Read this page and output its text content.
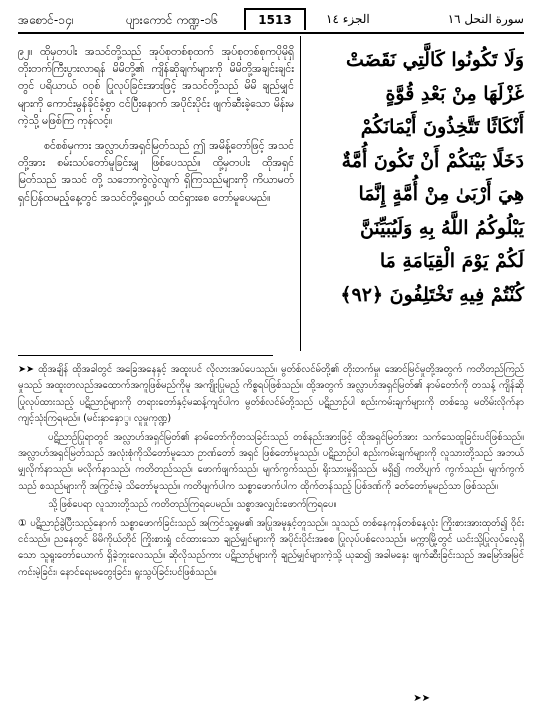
အစောင်-၁၄၊	ပျားကောင် ကဏ္ဍ-၁၆	1513	الجزء ١٤	سورة النحل ١٦

၉၂။ ထိုမှတပါး အသင်တို့သည် အုပ်စုတစ်စုထက် အုပ်စုတစ်စုကပိုမိုရှိတိုးတက်ကြီးပွားလာရန် မိမိတို့၏ ကျိန်ဆိုချက်များကို မိမိတို့အချင်းချင်းတွင် ပရိယာယ် ဝဝုစ် ပြုလုပ်ခြင်းအားဖြင့် အသင်တို့သည် မိမိ ချည်မျှင်များကို ကောင်းမွန်ခိုင်ခံ့စွာ ငင်ပြီးနောက် အပိုင်းပိုင်း ဖျက်ဆီးခဲ့သော မိန်းမကဲ့သို့ မဖြစ်ကြ ကုန်လင့်။

စင်စစ်မှကား အလ္လာဟ်အရှင်မြတ်သည် ဤ အမိန့်တော်ဖြင့် အသင်တို့အား စမ်းသပ်တော်မူခြင်းမျှ ဖြစ်ပေသည်။ ထို့မှတပါး ထိုအရှင်မြတ်သည် အသင် တို့ သဘောကွဲလွဲလျက် ရှိကြသည်များကို ကိယာမတ် ရှင်ပြန်ထမည့်နေ့တွင် အသင်တို့ရှေ့ဝယ် ထင်ရှားစေ တော်မူပေမည်။

وَلَا تَكُونُوا كَالَّتِي نَقَضَتْ
غَزْلَهَا مِنْ بَعْدِ قُوَّةٍ
أَنْكَاثًا تَتَّخِذُونَ أَيْمَانَكُمْ
دَخَلًا بَيْنَكُمْ أَنْ تَكُونَ أُمَّةٌ
هِيَ أَرْبَىٰ مِنْ أُمَّةٍ إِنَّمَا
يَبْلُوكُمُ اللَّهُ بِهِ وَلَيُبَيِّنَنَّ
لَكُمْ يَوْمَ الْقِيَامَةِ مَا
كُنْتُمْ فِيهِ تَخْتَلِفُونَ ﴿٩٢﴾

➤➤ ထိုအချိန် ထိုအခါတွင် အခြေအနေနှင့် အထူးပင် လိုလားအပ်ပေသည်။ မွတ်စ်လင်မ်တို့၏ တိုးတက်မှု၊ အောင်မြင်မှုတို့အတွက် ကတိတည်ကြည်မှုသည် အထူးတလည်အထောက်အကူဖြစ်မည်ကိုမူ အကျိုးပြုမည့် ကိစ္စရပ်ဖြစ်သည်။ ထို့အတွက် အလ္လာဟ်အရှင်မြတ်၏ နာမ်တော်ကို တသန့် ကျိန်ဆိုပြုလုပ်ထားသည့် ပဋိညာဉ်များကို တရားတော်နှင့်မဆန့်ကျင်ပါက မွတ်စ်လင်မ်တို့သည် ပဋိညာဉ်ပါ စည်းကမ်းချက်များကို တစ်သွေ မတိမ်းလိုက်နာ ကျင့်သုံးကြရမည်။ (မင်းနှာနှော္ဒ၊ လူမှုကုဏ္ဍ)

ပဋိညာဉ်ပြုရာတွင် အလ္လာဟ်အရှင်မြတ်၏ နာမ်တော်ကိုတသခြင်းသည် တစ်နည်းအားဖြင့် ထိုအရှင်မြတ်အား သက်သေထူခြင်းပင်ဖြစ်သည်။ အလ္လာဟ်အရှင်မြတ်သည် အလုံးစုံကိုသိတော်မူသော ဥာဏ်တော် အရှင် ဖြစ်တော်မူသည်၊ ပဋိညာဉ်ပါ စည်းကမ်းချက်များကို လူသားတို့သည် အဘယ်မျှလိုက်နာသည်၊ မလိုက်နာသည်၊ ကတိတည်သည်၊ ဖောက်ဖျက်သည်၊ မျက်ကွက်သည်၊ ရိုးသားမှုရှိသည်၊ မရှိ၍ ကတိပျက် ကွက်သည်၊ မျက်ကွက်သည် စသည်များကို အကြွင်းမဲ့ သိတော်မူသည်။ ကတိဖျက်ပါက သစ္စာဖောက်ပါက ထိုက်တန်သည့် ပြစ်ဒဏ်ကို ခတ်တော်မူမည်သာ ဖြစ်သည်။

သို့ဖြစ်ပေရာ လူသားတို့သည် ကတိတည်ကြရပေမည်။ သစ္စာအလျှင်းဖောက်ကြရပေ။

① ပဋိညာဉ်ခွဲပြီးသည့်နောက် သစ္စာဖောက်ခြင်းသည် အကြင်သူ့ရှုမ၏ အပြုအမူနှင့်တူသည်။ သူသည် တစ်နေကုန်တစ်နေ့လုံး ကြိုးစားအားထုတ်၍ ဝိုင်းငင်သည်။ ညနေတွင် မိမိကိုယ်တိုင် ကြိုးစားရှုံ ငင်ထားသော ချည်မျှင်များကို အပိုင်းပိုင်းအစစ ပြုလုပ်ပစ်လေသည်။ မက္ကာမြို့တွင် ယင်းသို့ပြုလုပ်လေ့ရှိသော သူရူးတော်ယောက် ရှိခဲ့ဘူးလေသည်။ ဆိုလိုသည်ကား ပဋိညာဉ်များကို ချည်မျှင်များကဲ့သို့ ယုဆ၍ အခါမနှေး ဖျက်ဆီးခြင်းသည် အမြော်အမြင်ကင်းမဲ့ခြင်း၊ နောင်ရေးမတွေးခြင်း၊ ရူးသွပ်ခြင်းပင်ဖြစ်သည်။

➤➤
